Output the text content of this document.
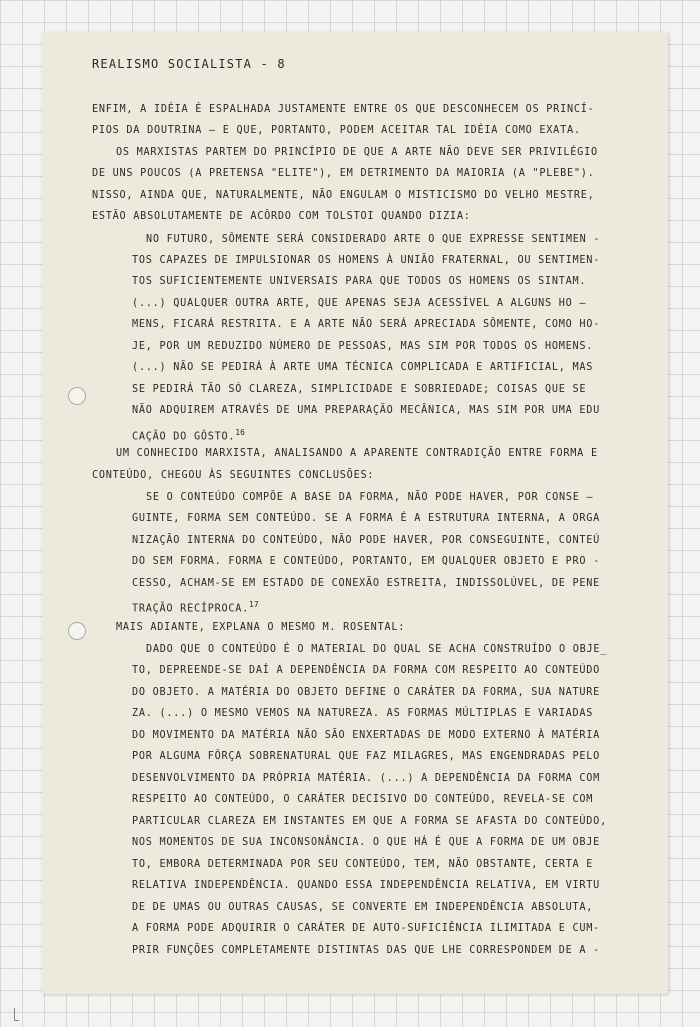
REALISMO SOCIALISTA - 8
ENFIM, A IDÉIA É ESPALHADA JUSTAMENTE ENTRE OS QUE DESCONHECEM OS PRINCÍ-
PIOS DA DOUTRINA — E QUE, PORTANTO, PODEM ACEITAR TAL IDÉIA COMO EXATA.
OS MARXISTAS PARTEM DO PRINCÍPIO DE QUE A ARTE NÃO DEVE SER PRIVILÉGIO
DE UNS POUCOS (A PRETENSA "ELITE"), EM DETRIMENTO DA MAIORIA (A "PLEBE").
NISSO, AINDA QUE, NATURALMENTE, NÃO ENGULAM O MISTICISMO DO VELHO MESTRE,
ESTÃO ABSOLUTAMENTE DE ACÔRDO COM TOLSTOI QUANDO DIZIA:
NO FUTURO, SÔMENTE SERÁ CONSIDERADO ARTE O QUE EXPRESSE SENTIMEN -
TOS CAPAZES DE IMPULSIONAR OS HOMENS À UNIÃO FRATERNAL, OU SENTIMEN-
TOS SUFICIENTEMENTE UNIVERSAIS PARA QUE TODOS OS HOMENS OS SINTAM.
(...) QUALQUER OUTRA ARTE, QUE APENAS SEJA ACESSÍVEL A ALGUNS HO —
MENS, FICARÁ RESTRITA. E A ARTE NÃO SERÁ APRECIADA SÔMENTE, COMO HO-
JE, POR UM REDUZIDO NÚMERO DE PESSOAS, MAS SIM POR TODOS OS HOMENS.
(...) NÃO SE PEDIRÁ À ARTE UMA TÉCNICA COMPLICADA E ARTIFICIAL, MAS
SE PEDIRÁ TÃO SÓ CLAREZA, SIMPLICIDADE E SOBRIEDADE; COISAS QUE SE
NÃO ADQUIREM ATRAVÉS DE UMA PREPARAÇÃO MECÂNICA, MAS SIM POR UMA EDU
CAÇÃO DO GÔSTO.$^{16}$
UM CONHECIDO MARXISTA, ANALISANDO A APARENTE CONTRADIÇÃO ENTRE FORMA E
CONTEÚDO, CHEGOU ÀS SEGUINTES CONCLUSÕES:
SE O CONTEÚDO COMPÕE A BASE DA FORMA, NÃO PODE HAVER, POR CONSE —
GUINTE, FORMA SEM CONTEÚDO. SE A FORMA É A ESTRUTURA INTERNA, A ORGA
NIZAÇÃO INTERNA DO CONTEÚDO, NÃO PODE HAVER, POR CONSEGUINTE, CONTEÚ
DO SEM FORMA. FORMA E CONTEÚDO, PORTANTO, EM QUALQUER OBJETO E PRO -
CESSO, ACHAM-SE EM ESTADO DE CONEXÃO ESTREITA, INDISSOLÚVEL, DE PENE
TRAÇÃO RECÍPROCA.$^{17}$
MAIS ADIANTE, EXPLANA O MESMO M. ROSENTAL:
DADO QUE O CONTEÚDO É O MATERIAL DO QUAL SE ACHA CONSTRUÍDO O OBJE_
TO, DEPREENDE-SE DAÍ A DEPENDÊNCIA DA FORMA COM RESPEITO AO CONTEÚDO
DO OBJETO. A MATÉRIA DO OBJETO DEFINE O CARÁTER DA FORMA, SUA NATURE
ZA. (...) O MESMO VEMOS NA NATUREZA. AS FORMAS MÚLTIPLAS E VARIADAS
DO MOVIMENTO DA MATÉRIA NÃO SÃO ENXERTADAS DE MODO EXTERNO À MATÉRIA
POR ALGUMA FÔRÇA SOBRENATURAL QUE FAZ MILAGRES, MAS ENGENDRADAS PELO
DESENVOLVIMENTO DA PRÓPRIA MATÉRIA. (...) A DEPENDÊNCIA DA FORMA COM
RESPEITO AO CONTEÚDO, O CARÁTER DECISIVO DO CONTEÚDO, REVELA-SE COM
PARTICULAR CLAREZA EM INSTANTES EM QUE A FORMA SE AFASTA DO CONTEÚDO,
NOS MOMENTOS DE SUA INCONSONÂNCIA. O QUE HÁ É QUE A FORMA DE UM OBJE
TO, EMBORA DETERMINADA POR SEU CONTEÚDO, TEM, NÃO OBSTANTE, CERTA E
RELATIVA INDEPENDÊNCIA. QUANDO ESSA INDEPENDÊNCIA RELATIVA, EM VIRTU
DE DE UMAS OU OUTRAS CAUSAS, SE CONVERTE EM INDEPENDÊNCIA ABSOLUTA,
A FORMA PODE ADQUIRIR O CARÁTER DE AUTO-SUFICIÊNCIA ILIMITADA E CUM-
PRIR FUNÇÕES COMPLETAMENTE DISTINTAS DAS QUE LHE CORRESPONDEM DE A -
